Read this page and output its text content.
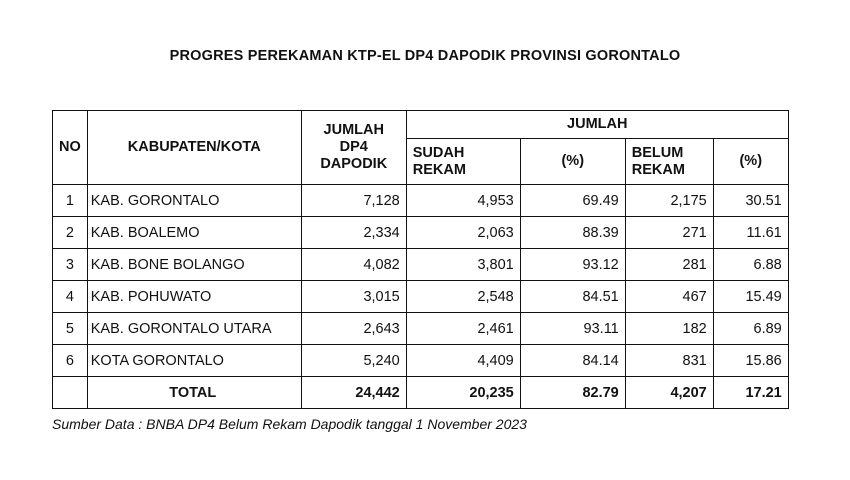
PROGRES PEREKAMAN KTP-EL DP4 DAPODIK PROVINSI GORONTALO
NO	KABUPATEN/KOTA	JUMLAH DP4 DAPODIK	JUMLAH			
			SUDAH REKAM	(%)	BELUM REKAM	(%)
1	KAB. GORONTALO	7,128	4,953	69.49	2,175	30.51
2	KAB. BOALEMO	2,334	2,063	88.39	271	11.61
3	KAB. BONE BOLANGO	4,082	3,801	93.12	281	6.88
4	KAB. POHUWATO	3,015	2,548	84.51	467	15.49
5	KAB. GORONTALO UTARA	2,643	2,461	93.11	182	6.89
6	KOTA GORONTALO	5,240	4,409	84.14	831	15.86
	TOTAL	24,442	20,235	82.79	4,207	17.21
Sumber Data : BNBA DP4 Belum Rekam Dapodik tanggal 1 November 2023
